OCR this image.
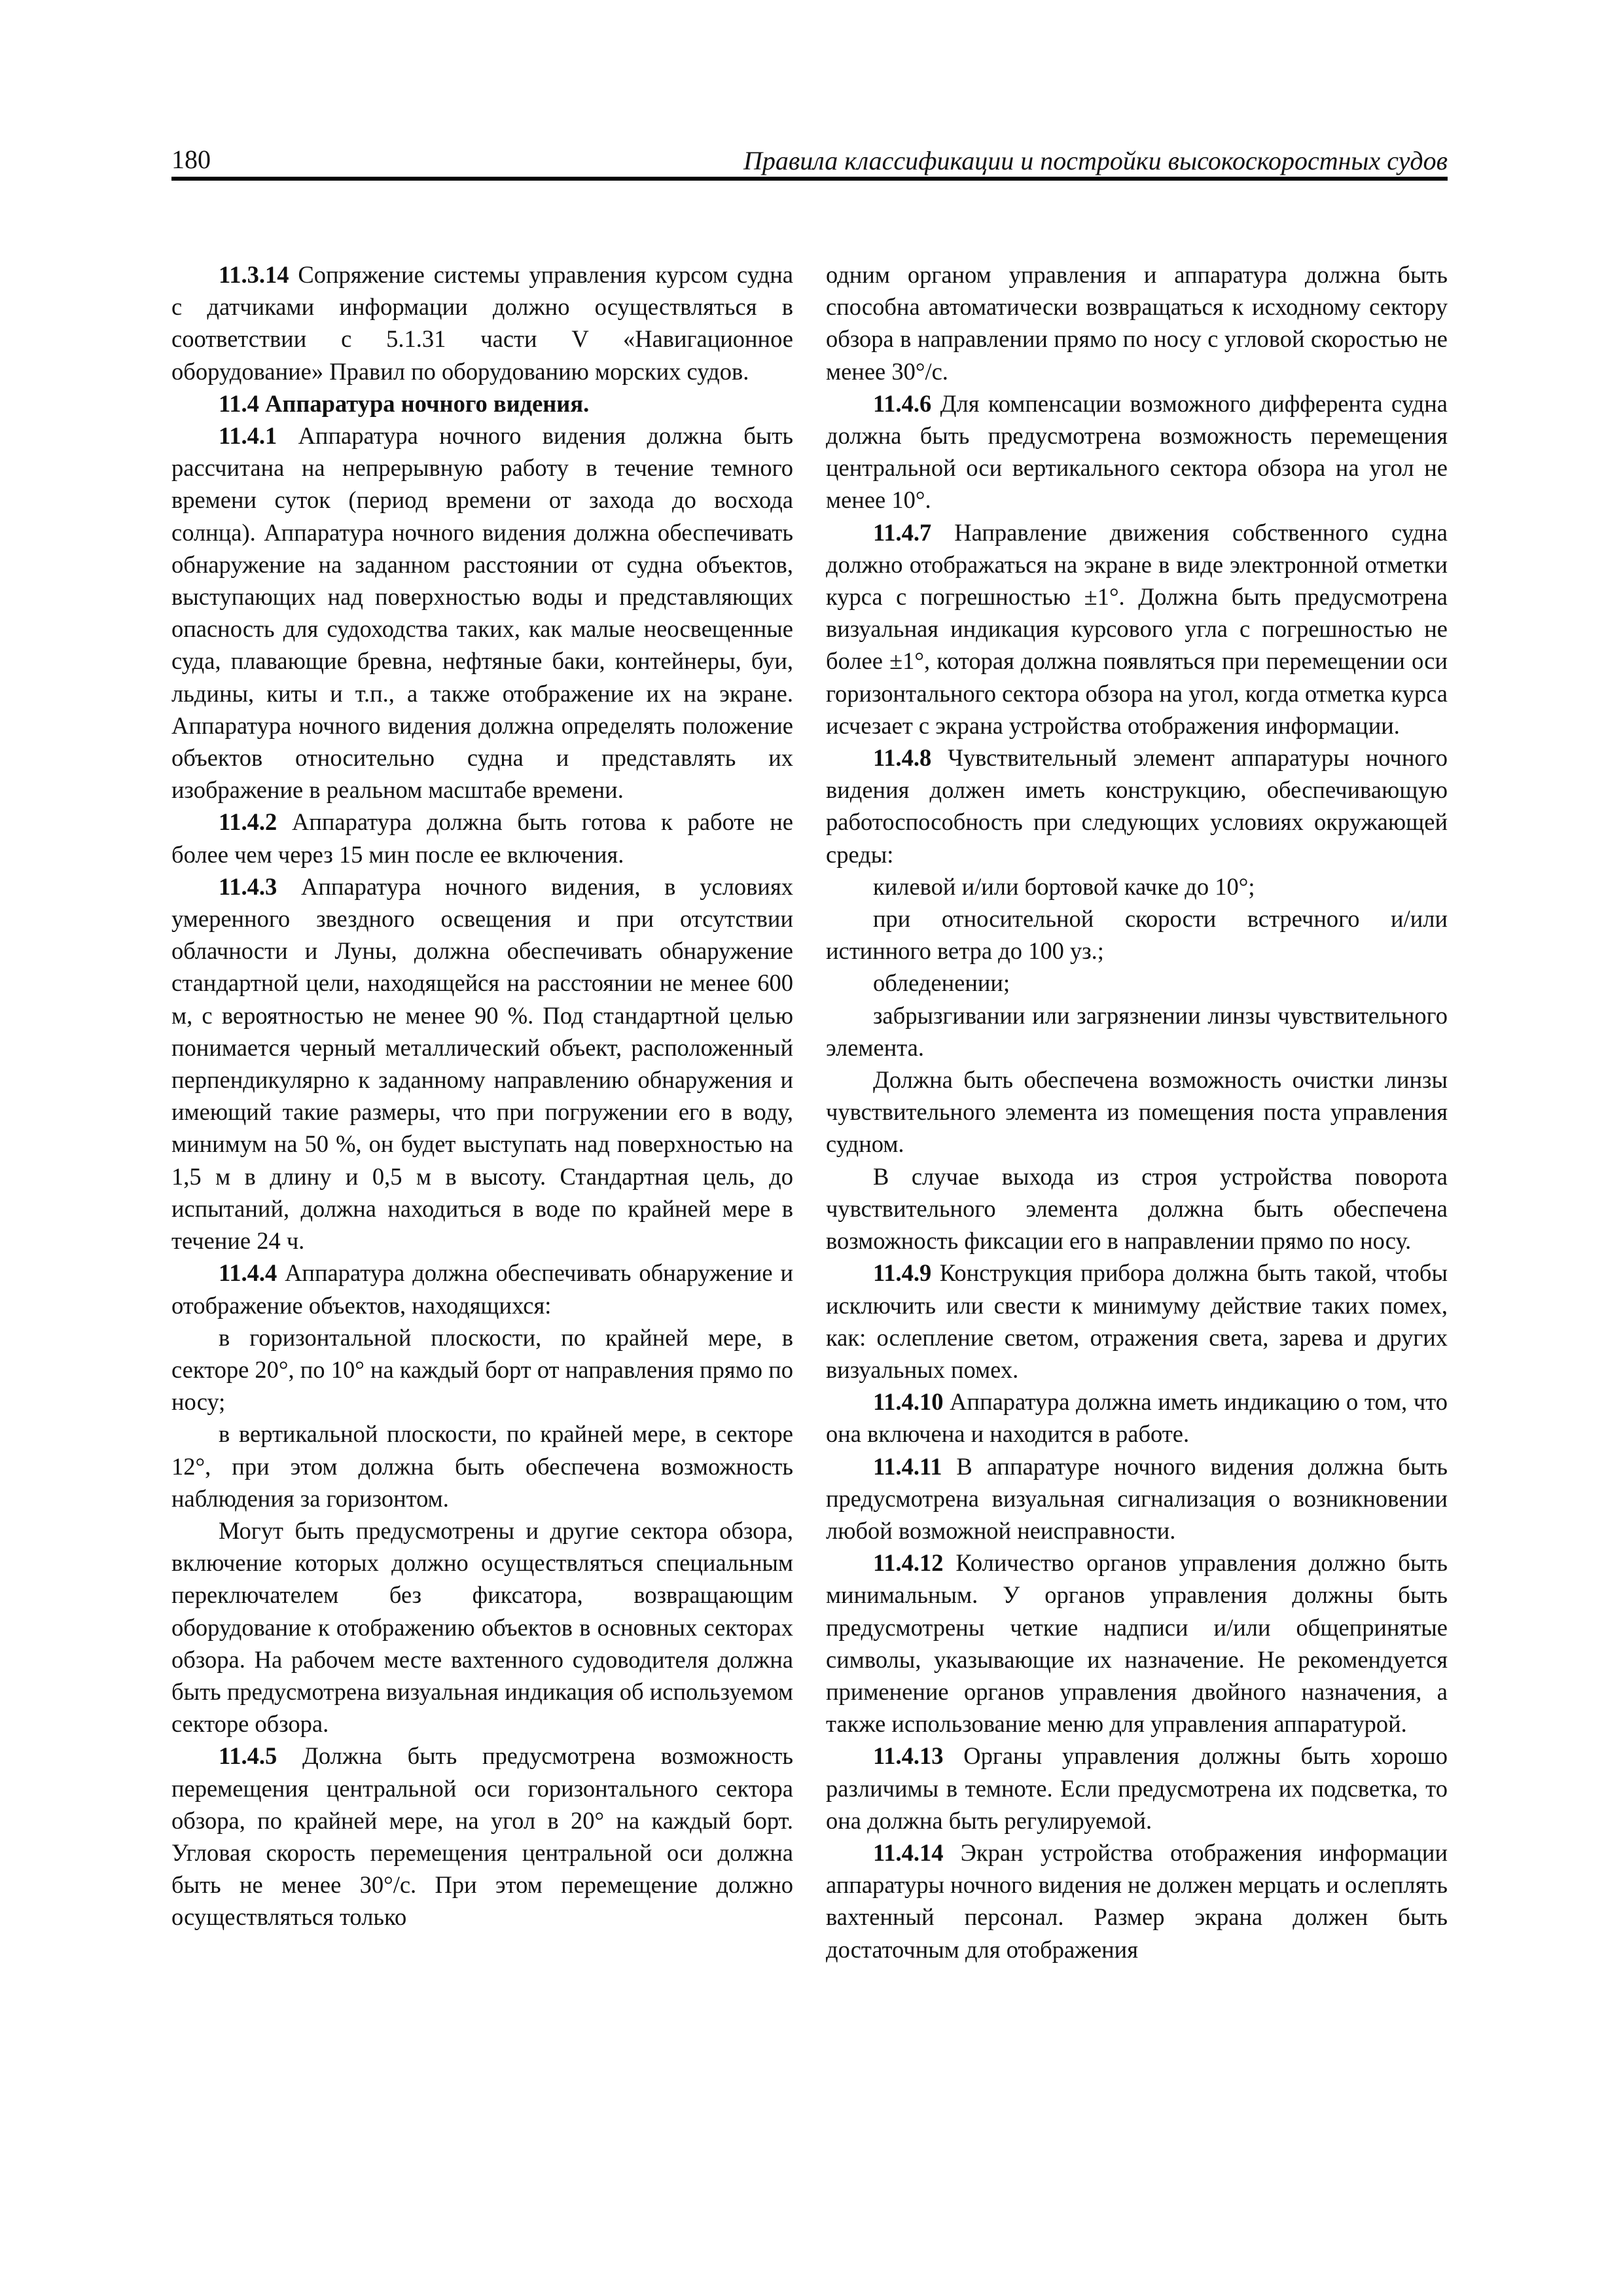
180	Правила классификации и постройки высокоскоростных судов

11.3.14 Сопряжение системы управления курсом судна с датчиками информации должно осуществляться в соответствии с 5.1.31 части V «Навигационное оборудование» Правил по оборудованию морских судов.

11.4 Аппаратура ночного видения.

11.4.1 Аппаратура ночного видения должна быть рассчитана на непрерывную работу в течение темного времени суток (период времени от захода до восхода солнца). Аппаратура ночного видения должна обеспечивать обнаружение на заданном расстоянии от судна объектов, выступающих над поверхностью воды и представляющих опасность для судоходства таких, как малые неосвещенные суда, плавающие бревна, нефтяные баки, контейнеры, буи, льдины, киты и т.п., а также отображение их на экране. Аппаратура ночного видения должна определять положение объектов относительно судна и представлять их изображение в реальном масштабе времени.

11.4.2 Аппаратура должна быть готова к работе не более чем через 15 мин после ее включения.

11.4.3 Аппаратура ночного видения, в условиях умеренного звездного освещения и при отсутствии облачности и Луны, должна обеспечивать обнаружение стандартной цели, находящейся на расстоянии не менее 600 м, с вероятностью не менее 90 %. Под стандартной целью понимается черный металлический объект, расположенный перпендикулярно к заданному направлению обнаружения и имеющий такие размеры, что при погружении его в воду, минимум на 50 %, он будет выступать над поверхностью на 1,5 м в длину и 0,5 м в высоту. Стандартная цель, до испытаний, должна находиться в воде по крайней мере в течение 24 ч.

11.4.4 Аппаратура должна обеспечивать обнаружение и отображение объектов, находящихся:

в горизонтальной плоскости, по крайней мере, в секторе 20°, по 10° на каждый борт от направления прямо по носу;

в вертикальной плоскости, по крайней мере, в секторе 12°, при этом должна быть обеспечена возможность наблюдения за горизонтом.

Могут быть предусмотрены и другие сектора обзора, включение которых должно осуществляться специальным переключателем без фиксатора, возвращающим оборудование к отображению объектов в основных секторах обзора. На рабочем месте вахтенного судоводителя должна быть предусмотрена визуальная индикация об используемом секторе обзора.

11.4.5 Должна быть предусмотрена возможность перемещения центральной оси горизонтального сектора обзора, по крайней мере, на угол в 20° на каждый борт. Угловая скорость перемещения центральной оси должна быть не менее 30°/с. При этом перемещение должно осуществляться только

одним органом управления и аппаратура должна быть способна автоматически возвращаться к исходному сектору обзора в направлении прямо по носу с угловой скоростью не менее 30°/с.

11.4.6 Для компенсации возможного дифферента судна должна быть предусмотрена возможность перемещения центральной оси вертикального сектора обзора на угол не менее 10°.

11.4.7 Направление движения собственного судна должно отображаться на экране в виде электронной отметки курса с погрешностью ±1°. Должна быть предусмотрена визуальная индикация курсового угла с погрешностью не более ±1°, которая должна появляться при перемещении оси горизонтального сектора обзора на угол, когда отметка курса исчезает с экрана устройства отображения информации.

11.4.8 Чувствительный элемент аппаратуры ночного видения должен иметь конструкцию, обеспечивающую работоспособность при следующих условиях окружающей среды:

килевой и/или бортовой качке до 10°;

при относительной скорости встречного и/или истинного ветра до 100 уз.;

обледенении;

забрызгивании или загрязнении линзы чувствительного элемента.

Должна быть обеспечена возможность очистки линзы чувствительного элемента из помещения поста управления судном.

В случае выхода из строя устройства поворота чувствительного элемента должна быть обеспечена возможность фиксации его в направлении прямо по носу.

11.4.9 Конструкция прибора должна быть такой, чтобы исключить или свести к минимуму действие таких помех, как: ослепление светом, отражения света, зарева и других визуальных помех.

11.4.10 Аппаратура должна иметь индикацию о том, что она включена и находится в работе.

11.4.11 В аппаратуре ночного видения должна быть предусмотрена визуальная сигнализация о возникновении любой возможной неисправности.

11.4.12 Количество органов управления должно быть минимальным. У органов управления должны быть предусмотрены четкие надписи и/или общепринятые символы, указывающие их назначение. Не рекомендуется применение органов управления двойного назначения, а также использование меню для управления аппаратурой.

11.4.13 Органы управления должны быть хорошо различимы в темноте. Если предусмотрена их подсветка, то она должна быть регулируемой.

11.4.14 Экран устройства отображения информации аппаратуры ночного видения не должен мерцать и ослеплять вахтенный персонал. Размер экрана должен быть достаточным для отображения
